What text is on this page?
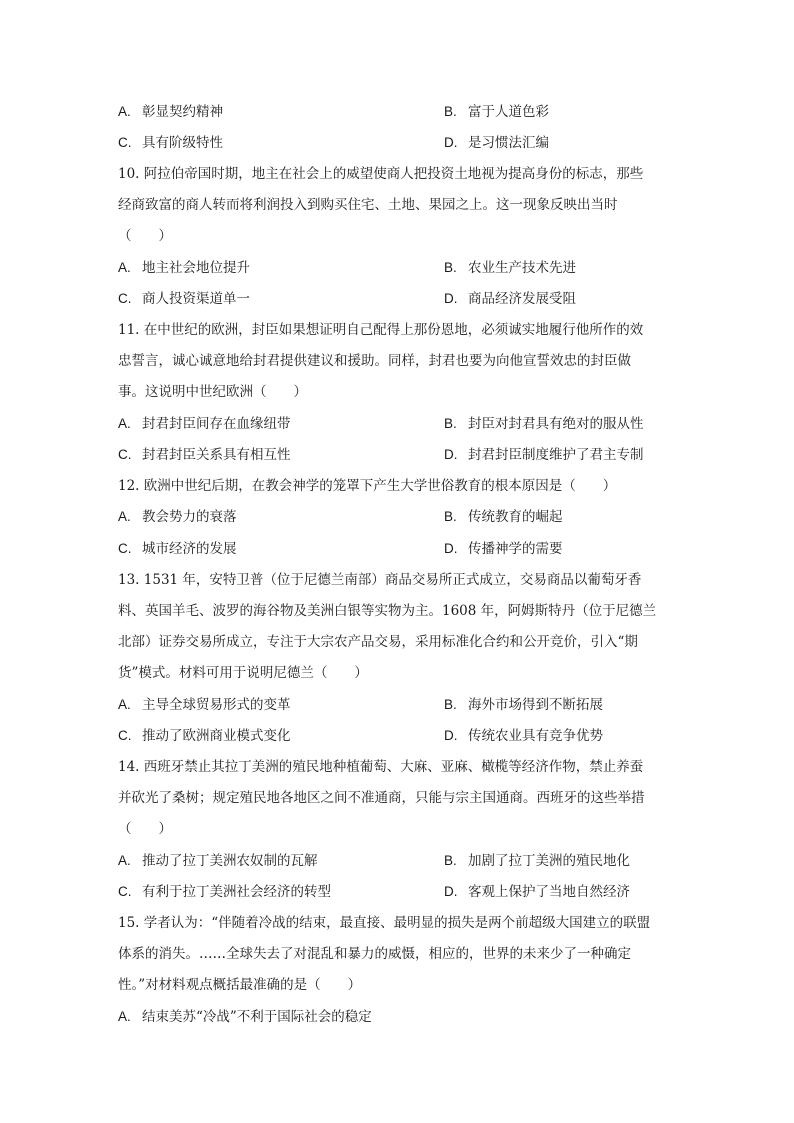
A. 彰显契约精神	B. 富于人道色彩
C. 具有阶级特性	D. 是习惯法汇编
10. 阿拉伯帝国时期，地主在社会上的威望使商人把投资土地视为提高身份的标志，那些
经商致富的商人转而将利润投入到购买住宅、土地、果园之上。这一现象反映出当时
（　　）
A. 地主社会地位提升	B. 农业生产技术先进
C. 商人投资渠道单一	D. 商品经济发展受阻
11. 在中世纪的欧洲，封臣如果想证明自己配得上那份恩地，必须诚实地履行他所作的效
忠誓言，诚心诚意地给封君提供建议和援助。同样，封君也要为向他宣誓效忠的封臣做
事。这说明中世纪欧洲（　　）
A. 封君封臣间存在血缘纽带	B. 封臣对封君具有绝对的服从性
C. 封君封臣关系具有相互性	D. 封君封臣制度维护了君主专制
12. 欧洲中世纪后期，在教会神学的笼罩下产生大学世俗教育的根本原因是（　　）
A. 教会势力的衰落	B. 传统教育的崛起
C. 城市经济的发展	D. 传播神学的需要
13. 1531 年，安特卫普（位于尼德兰南部）商品交易所正式成立，交易商品以葡萄牙香
料、英国羊毛、波罗的海谷物及美洲白银等实物为主。1608 年，阿姆斯特丹（位于尼德兰
北部）证券交易所成立，专注于大宗农产品交易，采用标准化合约和公开竞价，引入“期
货”模式。材料可用于说明尼德兰（　　）
A. 主导全球贸易形式的变革	B. 海外市场得到不断拓展
C. 推动了欧洲商业模式变化	D. 传统农业具有竞争优势
14. 西班牙禁止其拉丁美洲的殖民地种植葡萄、大麻、亚麻、橄榄等经济作物，禁止养蚕
并砍光了桑树；规定殖民地各地区之间不准通商，只能与宗主国通商。西班牙的这些举措
（　　）
A. 推动了拉丁美洲农奴制的瓦解	B. 加剧了拉丁美洲的殖民地化
C. 有利于拉丁美洲社会经济的转型	D. 客观上保护了当地自然经济
15. 学者认为：“伴随着冷战的结束，最直接、最明显的损失是两个前超级大国建立的联盟
体系的消失。……全球失去了对混乱和暴力的威慑，相应的，世界的未来少了一种确定
性。”对材料观点概括最准确的是（　　）
A. 结束美苏“冷战”不利于国际社会的稳定
